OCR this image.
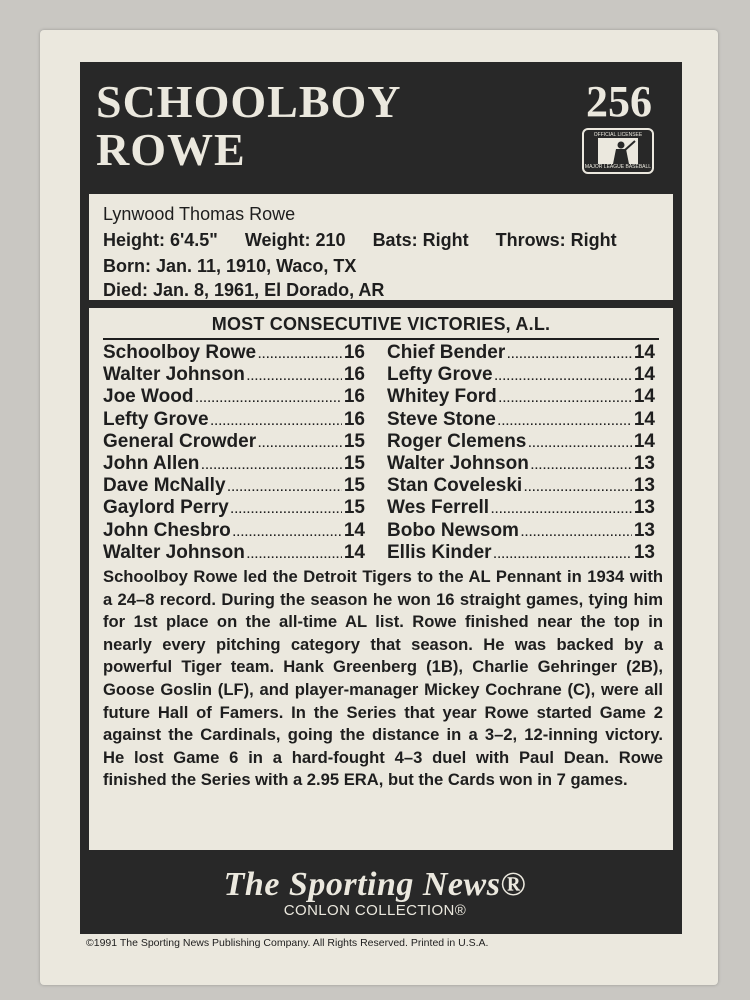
SCHOOLBOY
ROWE
256
OFFICIAL LICENSEE
MAJOR LEAGUE BASEBALL
Lynwood Thomas Rowe
Height: 6'4.5" Weight: 210 Bats: Right Throws: Right
Born: Jan. 11, 1910, Waco, TX
Died: Jan. 8, 1961, El Dorado, AR
MOST CONSECUTIVE VICTORIES, A.L.
Schoolboy Rowe .....	16
Walter Johnson .....	16
Joe Wood .....	16
Lefty Grove .....	16
General Crowder .....	15
John Allen .....	15
Dave McNally .....	15
Gaylord Perry .....	15
John Chesbro .....	14
Walter Johnson .....	14
Chief Bender .....	14
Lefty Grove .....	14
Whitey Ford .....	14
Steve Stone .....	14
Roger Clemens .....	14
Walter Johnson .....	13
Stan Coveleski .....	13
Wes Ferrell .....	13
Bobo Newsom .....	13
Ellis Kinder .....	13
Schoolboy Rowe led the Detroit Tigers to the AL Pennant in 1934 with a 24–8 record. During the season he won 16 straight games, tying him for 1st place on the all-time AL list. Rowe finished near the top in nearly every pitching category that season. He was backed by a powerful Tiger team. Hank Greenberg (1B), Charlie Gehringer (2B), Goose Goslin (LF), and player-manager Mickey Cochrane (C), were all future Hall of Famers. In the Series that year Rowe started Game 2 against the Cardinals, going the distance in a 3–2, 12-inning victory. He lost Game 6 in a hard-fought 4–3 duel with Paul Dean. Rowe finished the Series with a 2.95 ERA, but the Cards won in 7 games.
The Sporting News®
CONLON COLLECTION®
©1991 The Sporting News Publishing Company. All Rights Reserved. Printed in U.S.A.
